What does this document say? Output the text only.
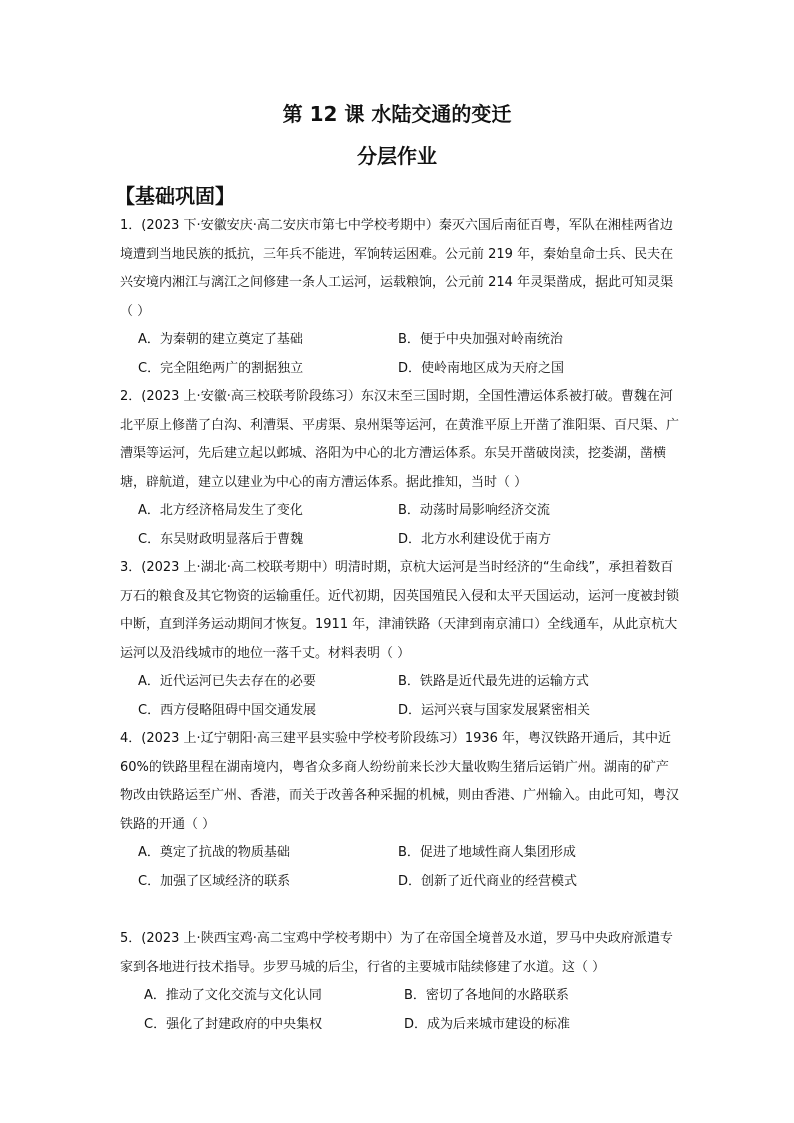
第 12 课 水陆交通的变迁
分层作业
【基础巩固】

1．(2023 下·安徽安庆·高二安庆市第七中学校考期中）秦灭六国后南征百粤，军队在湘桂两省边境遭到当地民族的抵抗，三年兵不能进，军饷转运困难。公元前 219 年，秦始皇命士兵、民夫在兴安境内湘江与漓江之间修建一条人工运河，运载粮饷，公元前 214 年灵渠凿成，据此可知灵渠（ ）

A．为秦朝的建立奠定了基础	B．便于中央加强对岭南统治
C．完全阻绝两广的割据独立	D．使岭南地区成为天府之国

2．(2023 上·安徽·高三校联考阶段练习）东汉末至三国时期，全国性漕运体系被打破。曹魏在河北平原上修凿了白沟、利漕渠、平虏渠、泉州渠等运河，在黄淮平原上开凿了淮阳渠、百尺渠、广漕渠等运河，先后建立起以邺城、洛阳为中心的北方漕运体系。东吴开凿破岗渎，挖娄湖，凿横塘，辟航道，建立以建业为中心的南方漕运体系。据此推知，当时（ ）

A．北方经济格局发生了变化	B．动荡时局影响经济交流
C．东吴财政明显落后于曹魏	D．北方水利建设优于南方

3．(2023 上·湖北·高二校联考期中）明清时期，京杭大运河是当时经济的“生命线”，承担着数百万石的粮食及其它物资的运输重任。近代初期，因英国殖民入侵和太平天国运动，运河一度被封锁中断，直到洋务运动期间才恢复。1911 年，津浦铁路（天津到南京浦口）全线通车，从此京杭大运河以及沿线城市的地位一落千丈。材料表明（ ）

A．近代运河已失去存在的必要	B．铁路是近代最先进的运输方式
C．西方侵略阻碍中国交通发展	D．运河兴衰与国家发展紧密相关

4．(2023 上·辽宁朝阳·高三建平县实验中学校考阶段练习）1936 年，粤汉铁路开通后，其中近 60%的铁路里程在湖南境内，粤省众多商人纷纷前来长沙大量收购生猪后运销广州。湖南的矿产物改由铁路运至广州、香港，而关于改善各种采掘的机械，则由香港、广州输入。由此可知，粤汉铁路的开通（ ）

A．奠定了抗战的物质基础	B．促进了地域性商人集团形成
C．加强了区域经济的联系	D．创新了近代商业的经营模式

5．(2023 上·陕西宝鸡·高二宝鸡中学校考期中）为了在帝国全境普及水道，罗马中央政府派遣专家到各地进行技术指导。步罗马城的后尘，行省的主要城市陆续修建了水道。这（ ）

A．推动了文化交流与文化认同	B．密切了各地间的水路联系
C．强化了封建政府的中央集权	D．成为后来城市建设的标准
